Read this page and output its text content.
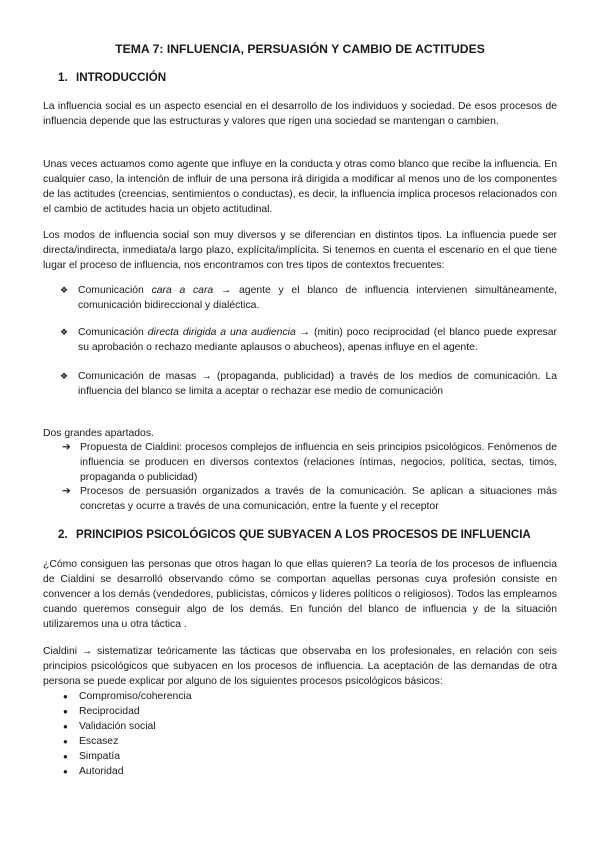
TEMA 7: INFLUENCIA, PERSUASIÓN Y CAMBIO DE ACTITUDES
1. INTRODUCCIÓN

La influencia social es un aspecto esencial en el desarrollo de los individuos y sociedad. De esos procesos de influencia depende que las estructuras y valores que rigen una sociedad se mantengan o cambien.

Unas veces actuamos como agente que influye en la conducta y otras como blanco que recibe la influencia. En cualquier caso, la intención de influir de una persona irá dirigida a modificar al menos uno de los componentes de las actitudes (creencias, sentimientos o conductas), es decir, la influencia implica procesos relacionados con el cambio de actitudes hacia un objeto actitudinal.

Los modos de influencia social son muy diversos y se diferencian en distintos tipos. La influencia puede ser directa/indirecta, inmediata/a largo plazo, explícita/implícita. Si tenemos en cuenta el escenario en el que tiene lugar el proceso de influencia, nos encontramos con tres tipos de contextos frecuentes:

❖ Comunicación cara a cara → agente y el blanco de influencia intervienen simultáneamente, comunicación bidireccional y dialéctica.
❖ Comunicación directa dirigida a una audiencia → (mitin) poco reciprocidad (el blanco puede expresar su aprobación o rechazo mediante aplausos o abucheos), apenas influye en el agente.
❖ Comunicación de masas → (propaganda, publicidad) a través de los medios de comunicación. La influencia del blanco se limita a aceptar o rechazar ese medio de comunicación

Dos grandes apartados.

➔ Propuesta de Cialdini: procesos complejos de influencia en seis principios psicológicos. Fenómenos de influencia se producen en diversos contextos (relaciones íntimas, negocios, política, sectas, timos, propaganda o publicidad)
➔ Procesos de persuasión organizados a través de la comunicación. Se aplican a situaciones más concretas y ocurre a través de una comunicación, entre la fuente y el receptor
2. PRINCIPIOS PSICOLÓGICOS QUE SUBYACEN A LOS PROCESOS DE INFLUENCIA

¿Cómo consiguen las personas que otros hagan lo que ellas quieren? La teoría de los procesos de influencia de Cialdini se desarrolló observando cómo se comportan aquellas personas cuya profesión consiste en convencer a los demás (vendedores, publicistas, cómicos y líderes políticos o religiosos). Todos las empleamos cuando queremos conseguir algo de los demás. En función del blanco de influencia y de la situación utilizaremos una u otra táctica .

Cialdini → sistematizar teóricamente las tácticas que observaba en los profesionales, en relación con seis principios psicológicos que subyacen en los procesos de influencia. La aceptación de las demandas de otra persona se puede explicar por alguno de los siguientes procesos psicológicos básicos:

● Compromiso/coherencia
● Reciprocidad
● Validación social
● Escasez
● Simpatía
● Autoridad
